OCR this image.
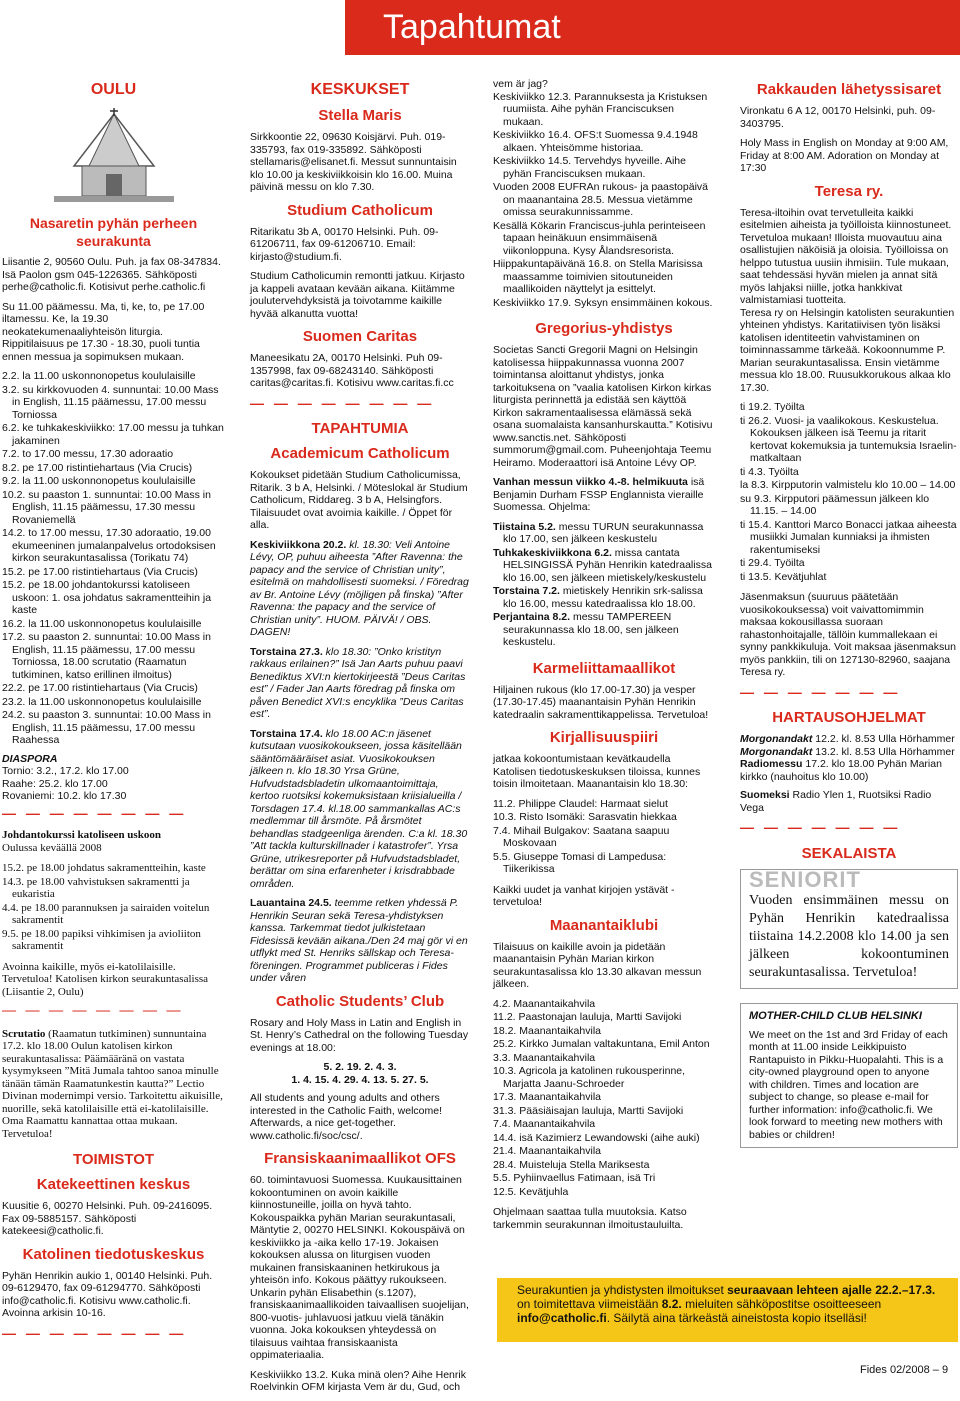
Tapahtumat
OULU
Nasaretin pyhän perheen seurakunta

Liisantie 2, 90560 Oulu. Puh. ja fax 08-347834. Isä Paolon gsm 045-1226365. Sähköposti perhe@catholic.fi. Kotisivut perhe.catholic.fi

Su 11.00 päämessu. Ma, ti, ke, to, pe 17.00 iltamessu. Ke, la 19.30 neokatekumenaaliyhteisön liturgia. Rippitilaisuus pe 17.30 - 18.30, puoli tuntia ennen messua ja sopimuksen mukaan.

2.2. la 11.00 uskonnonopetus koululaisille
3.2. su kirkkovuoden 4. sunnuntai: 10.00 Mass in English, 11.15 päämessu, 17.00 messu Torniossa
6.2. ke tuhkakeskiviikko: 17.00 messu ja tuhkan jakaminen
7.2. to 17.00 messu, 17.30 adoraatio
8.2. pe 17.00 ristintiehartaus (Via Crucis)
9.2. la 11.00 uskonnonopetus koululaisille
10.2. su paaston 1. sunnuntai: 10.00 Mass in English, 11.15 päämessu, 17.30 messu Rovaniemellä
14.2. to 17.00 messu, 17.30 adoraatio, 19.00 ekumeeninen jumalanpalvelus ortodoksisen kirkon seurakuntasalissa (Torikatu 74)
15.2. pe 17.00 ristintiehartaus (Via Crucis)
15.2. pe 18.00 johdantokurssi katoliseen uskoon: 1. osa johdatus sakramentteihin ja kaste
16.2. la 11.00 uskonnonopetus koululaisille
17.2. su paaston 2. sunnuntai: 10.00 Mass in English, 11.15 päämessu, 17.00 messu Torniossa, 18.00 scrutatio (Raamatun tutkiminen, katso erillinen ilmoitus)
22.2. pe 17.00 ristintiehartaus (Via Crucis)
23.2. la 11.00 uskonnonopetus koululaisille
24.2. su paaston 3. sunnuntai: 10.00 Mass in English, 11.15 päämessu, 17.00 messu Raahessa
DIASPORA
Tornio: 3.2., 17.2. klo 17.00
Raahe: 25.2. klo 17.00
Rovaniemi: 10.2. klo 17.30
— — — — — — — —
Johdantokurssi katoliseen uskoon
Oulussa keväällä 2008
15.2. pe 18.00 johdatus sakramentteihin, kaste
14.3. pe 18.00 vahvistuksen sakramentti ja eukaristia
4.4. pe 18.00 parannuksen ja sairaiden voitelun sakramentit
9.5. pe 18.00 papiksi vihkimisen ja avioliiton sakramentit

Avoinna kaikille, myös ei-katolilaisille. Tervetuloa! Katolisen kirkon seurakuntasalissa (Liisantie 2, Oulu)

— — — — — — — —

Scrutatio (Raamatun tutkiminen) sunnuntaina 17.2. klo 18.00 Oulun katolisen kirkon seurakuntasalissa: Päämääränä on vastata kysymykseen ”Mitä Jumala tahtoo sanoa minulle tänään tämän Raamatunkestin kautta?” Lectio Divinan modernimpi versio. Tarkoitettu aikuisille, nuorille, sekä katolilaisille että ei-katolilaisille. Oma Raamattu kannattaa ottaa mukaan. Tervetuloa!

TOIMISTOT
Katekeettinen keskus

Kuusitie 6, 00270 Helsinki. Puh. 09-2416095. Fax 09-5885157. Sähköposti katekeesi@catholic.fi.

Katolinen tiedotuskeskus

Pyhän Henrikin aukio 1, 00140 Helsinki. Puh. 09-6129470, fax 09-61294770. Sähköposti info@catholic.fi. Kotisivu www.catholic.fi. Avoinna arkisin 10-16.

— — — — — — — —
KESKUKSET
Stella Maris

Sirkkoontie 22, 09630 Koisjärvi. Puh. 019-335793, fax 019-335892. Sähköposti stellamaris@elisanet.fi. Messut sunnuntaisin klo 10.00 ja keskiviikkoisin klo 16.00. Muina päivinä messu on klo 7.30.

Studium Catholicum

Ritarikatu 3b A, 00170 Helsinki. Puh. 09-61206711, fax 09-61206710. Email: kirjasto@studium.fi.

Studium Catholicumin remontti jatkuu. Kirjasto ja kappeli avataan kevään aikana. Kiitämme joulutervehdyksistä ja toivotamme kaikille hyvää alkanutta vuotta!

Suomen Caritas

Maneesikatu 2A, 00170 Helsinki. Puh 09-1357998, fax 09-68243140. Sähköposti caritas@caritas.fi. Kotisivu www.caritas.fi.cc

— — — — — — — —
TAPAHTUMIA
Academicum Catholicum

Kokoukset pidetään Studium Catholicumissa, Ritarik. 3 b A, Helsinki. / Möteslokal är Studium Catholicum, Riddareg. 3 b A, Helsingfors. Tilaisuudet ovat avoimia kaikille. / Öppet för alla.

Keskiviikkona 20.2. kl. 18.30: Veli Antoine Lévy, OP, puhuu aiheesta ”After Ravenna: the papacy and the service of Christian unity”, esitelmä on mahdollisesti suomeksi. / Föredrag av Br. Antoine Lévy (möjligen på finska) ”After Ravenna: the papacy and the service of Christian unity”. HUOM. PÄIVÄ! / OBS. DAGEN!

Torstaina 27.3. klo 18.30: ”Onko kristityn rakkaus erilainen?” Isä Jan Aarts puhuu paavi Benediktus XVI:n kiertokirjeestä ”Deus Caritas est” / Fader Jan Aarts föredrag på finska om påven Benedict XVI:s encyklika ”Deus Caritas est”.

Torstaina 17.4. klo 18.00 AC:n jäsenet kutsutaan vuosikokoukseen, jossa käsitellään sääntömääräiset asiat. Vuosikokouksen jälkeen n. klo 18.30 Yrsa Grüne, Hufvudstadsbladetin ulkomaantoimittaja, kertoo ruotsiksi kokemuksistaan kriisialueilla / Torsdagen 17.4. kl.18.00 sammankallas AC:s medlemmar till årsmöte. På årsmötet behandlas stadgeenliga ärenden. C:a kl. 18.30 ”Att tackla kulturskillnader i katastrofer”. Yrsa Grüne, utrikesreporter på Hufvudstadsbladet, berättar om sina erfarenheter i krisdrabbade områden.

Lauantaina 24.5. teemme retken yhdessä P. Henrikin Seuran sekä Teresa-yhdistyksen kanssa. Tarkemmat tiedot julkistetaan Fidesissä kevään aikana./Den 24 maj gör vi en utflykt med St. Henriks sällskap och Teresa-föreningen. Programmet publiceras i Fides under våren

Catholic Students’ Club

Rosary and Holy Mass in Latin and English in St. Henry’s Cathedral on the following Tuesday evenings at 18.00:

5. 2. 19. 2. 4. 3.
1. 4. 15. 4. 29. 4. 13. 5. 27. 5.

All students and young adults and others interested in the Catholic Faith, welcome! Afterwards, a nice get-together. www.catholic.fi/soc/csc/.

Fransiskaanimaallikot OFS

60. toimintavuosi Suomessa. Kuukausittainen kokoontuminen on avoin kaikille kiinnostuneille, joilla on hyvä tahto. Kokouspaikka pyhän Marian seurakuntasali, Mäntytie 2, 00270 HELSINKI. Kokouspäivä on keskiviikko ja -aika kello 17-19. Jokaisen kokouksen alussa on liturgisen vuoden mukainen fransiskaaninen hetkirukous ja yhteisön info. Kokous päättyy rukoukseen. Unkarin pyhän Elisabethin (s.1207), fransiskaanimaallikoiden taivaallisen suojelijan, 800-vuotis- juhlavuosi jatkuu vielä tänäkin vuonna. Joka kokouksen yhteydessä on tilaisuus vaihtaa fransiskaanista oppimateriaalia.

Keskiviikko 13.2. Kuka minä olen? Aihe Henrik Roelvinkin OFM kirjasta Vem är du, Gud, och

vem är jag?
Keskiviikko 12.3. Parannuksesta ja Kristuksen ruumiista. Aihe pyhän Franciscuksen mukaan.
Keskiviikko 16.4. OFS:t Suomessa 9.4.1948 alkaen. Yhteisömme historiaa.
Keskiviikko 14.5. Tervehdys hyveille. Aihe pyhän Franciscuksen mukaan.
Vuoden 2008 EUFRAn rukous- ja paastopäivä on maanantaina 28.5. Messua vietämme omissa seurakunnissamme.
Kesällä Kökarin Franciscus-juhla perinteiseen tapaan heinäkuun ensimmäisenä viikonloppuna. Kysy Ålandsresorista.
Hiippakuntapäivänä 16.8. on Stella Marisissa maassamme toimivien sitoutuneiden maallikoiden näyttelyt ja esittelyt.
Keskiviikko 17.9. Syksyn ensimmäinen kokous.
Gregorius-yhdistys

Societas Sancti Gregorii Magni on Helsingin katolisessa hiippakunnassa vuonna 2007 toimintansa aloittanut yhdistys, jonka tarkoituksena on ”vaalia katolisen Kirkon kirkas liturgista perinnettä ja edistää sen käyttöä Kirkon sakramentaalisessa elämässä sekä osana suomalaista kansanhurskautta.” Kotisivu www.sanctis.net. Sähköposti summorum@gmail.com. Puheenjohtaja Teemu Heiramo. Moderaattori isä Antoine Lévy OP.

Vanhan messun viikko 4.-8. helmikuuta isä Benjamin Durham FSSP Englannista vieraille Suomessa. Ohjelma:

Tiistaina 5.2. messu TURUN seurakunnassa klo 17.00, sen jälkeen keskustelu
Tuhkakeskiviikkona 6.2. missa cantata HELSINGISSÄ Pyhän Henrikin katedraalissa klo 16.00, sen jälkeen mietiskely/keskustelu
Torstaina 7.2. mietiskely Henrikin srk-salissa klo 16.00, messu katedraalissa klo 18.00.
Perjantaina 8.2. messu TAMPEREEN seurakunnassa klo 18.00, sen jälkeen keskustelu.
Karmeliittamaallikot

Hiljainen rukous (klo 17.00-17.30) ja vesper (17.30-17.45) maanantaisin Pyhän Henrikin katedraalin sakramenttikappelissa. Tervetuloa!

Kirjallisuuspiiri

jatkaa kokoontumistaan kevätkaudella Katolisen tiedotuskeskuksen tiloissa, kunnes toisin ilmoitetaan. Maanantaisin klo 18.30:

11.2. Philippe Claudel: Harmaat sielut
10.3. Risto Isomäki: Sarasvatin hiekkaa
7.4. Mihail Bulgakov: Saatana saapuu Moskovaan
5.5. Giuseppe Tomasi di Lampedusa: Tiikerikissa

Kaikki uudet ja vanhat kirjojen ystävät - tervetuloa!

Maanantaiklubi

Tilaisuus on kaikille avoin ja pidetään maanantaisin Pyhän Marian kirkon seurakuntasalissa klo 13.30 alkavan messun jälkeen.

4.2. Maanantaikahvila
11.2. Paastonajan lauluja, Martti Savijoki
18.2. Maanantaikahvila
25.2. Kirkko Jumalan valtakuntana, Emil Anton
3.3. Maanantaikahvila
10.3. Agricola ja katolinen rukousperinne, Marjatta Jaanu-Schroeder
17.3. Maanantaikahvila
31.3. Pääsiäisajan lauluja, Martti Savijoki
7.4. Maanantaikahvila
14.4. isä Kazimierz Lewandowski (aihe auki)
21.4. Maanantaikahvila
28.4. Muisteluja Stella Mariksesta
5.5. Pyhiinvaellus Fatimaan, isä Tri
12.5. Kevätjuhla

Ohjelmaan saattaa tulla muutoksia. Katso tarkemmin seurakunnan ilmoitustauluilta.

Rakkauden lähetyssisaret

Vironkatu 6 A 12, 00170 Helsinki, puh. 09-3403795.

Holy Mass in English on Monday at 9:00 AM, Friday at 8:00 AM. Adoration on Monday at 17:30

Teresa ry.

Teresa-iltoihin ovat tervetulleita kaikki esitelmien aiheista ja työilloista kiinnostuneet. Tervetuloa mukaan! Illoista muovautuu aina osallistujien näköisiä ja oloisia. Työilloissa on helppo tutustua uusiin ihmisiin. Tule mukaan, saat tehdessäsi hyvän mielen ja annat sitä myös lahjaksi niille, jotka hankkivat valmistamiasi tuotteita.

Teresa ry on Helsingin katolisten seurakuntien yhteinen yhdistys. Karitatiivisen työn lisäksi katolisen identiteetin vahvistaminen on toiminnassamme tärkeää. Kokoonnumme P. Marian seurakuntasalissa. Ensin vietämme messua klo 18.00. Ruusukkorukous alkaa klo 17.30.

ti 19.2. Työilta
ti 26.2. Vuosi- ja vaalikokous. Keskustelua. Kokouksen jälkeen isä Teemu ja ritarit kertovat kokemuksia ja tuntemuksia Israelin-matkaltaan
ti 4.3. Työilta
la 8.3. Kirpputorin valmistelu klo 10.00 – 14.00
su 9.3. Kirpputori päämessun jälkeen klo 11.15. – 14.00
ti 15.4. Kanttori Marco Bonacci jatkaa aiheesta musiikki Jumalan kunniaksi ja ihmisten rakentumiseksi
ti 29.4. Työilta
ti 13.5. Kevätjuhlat

Jäsenmaksun (suuruus päätetään vuosikokouksessa) voit vaivattomimmin maksaa kokousillassa suoraan rahastonhoitajalle, tällöin kummallekaan ei synny pankkikuluja. Voit maksaa jäsenmaksun myös pankkiin, tili on 127130-82960, saajana Teresa ry.

— — — — — — —
HARTAUSOHJELMAT
Morgonandakt 12.2. kl. 8.53 Ulla Hörhammer
Morgonandakt 13.2. kl. 8.53 Ulla Hörhammer
Radiomessu 17.2. klo 18.00 Pyhän Marian kirkko (nauhoitus klo 10.00)

Suomeksi Radio Ylen 1, Ruotsiksi Radio Vega

— — — — — — —
SEKALAISTA
SENIORIT
Vuoden ensimmäinen messu on Pyhän Henrikin katedraalissa tiistaina 14.2.2008 klo 14.00 ja sen jälkeen kokoontuminen seurakuntasalissa. Tervetuloa!
MOTHER-CHILD CLUB HELSINKI
We meet on the 1st and 3rd Friday of each month at 11.00 inside Leikkipuisto Rantapuisto in Pikku-Huopalahti. This is a city-owned playground open to anyone with children. Times and location are subject to change, so please e-mail for further information: info@catholic.fi. We look forward to meeting new mothers with babies or children!
Seurakuntien ja yhdistysten ilmoitukset seuraavaan lehteen ajalle 22.2.–17.3. on toimitettava viimeistään 8.2. mieluiten sähköpostitse osoitteeseen info@catholic.fi. Säilytä aina tärkeästä aineistosta kopio itselläsi!
Fides 02/2008 – 9
